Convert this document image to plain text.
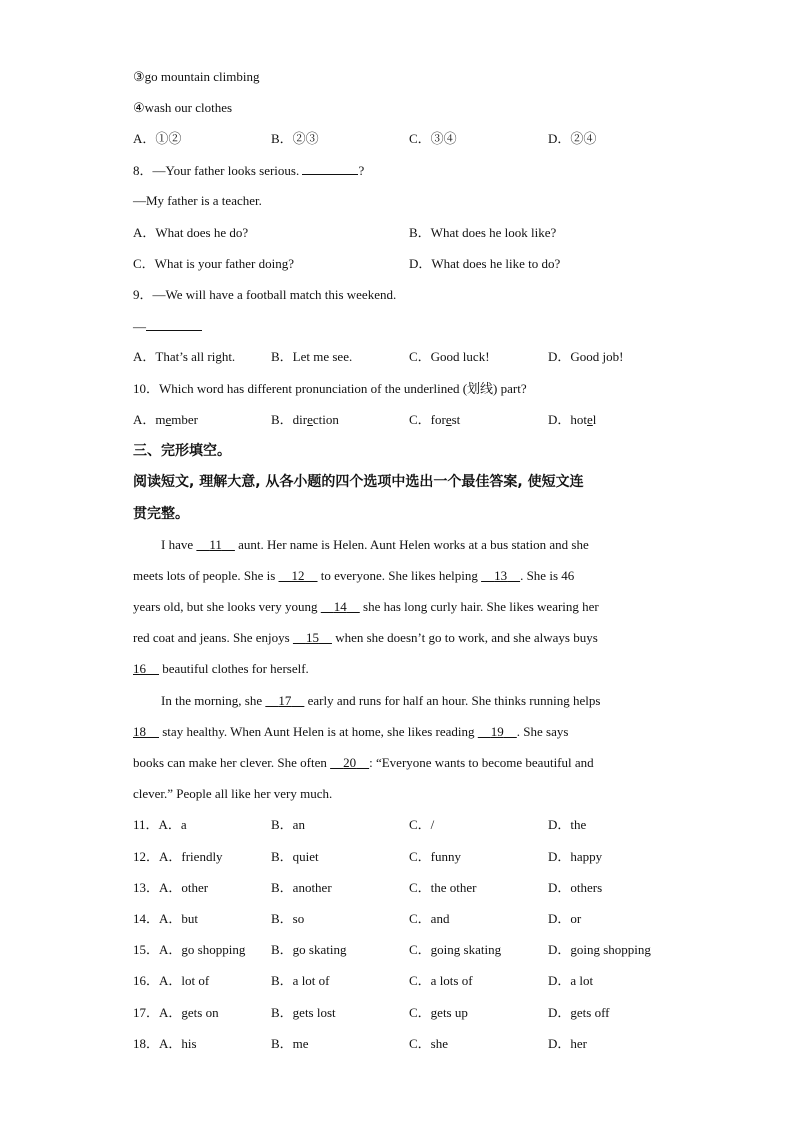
③go mountain climbing
④wash our clothes
A．①②	B．②③	C．③④	D．②④
8．—Your father looks serious.	?
—My father is a teacher.
A．What does he do?	B．What does he look like?
C．What is your father doing?	D．What does he like to do?
9．—We will have a football match this weekend.
—
A．That’s all right.	B．Let me see.	C．Good luck!	D．Good job!
10．Which word has different pronunciation of the underlined (划线) part?
A．member	B．direction	C．forest	D．hotel
三、完形填空。
阅读短文, 理解大意, 从各小题的四个选项中选出一个最佳答案, 使短文连
贯完整。
I have     11     aunt. Her name is Helen. Aunt Helen works at a bus station and she
meets lots of people. She is     12     to everyone. She likes helping     13 . She is 46
years old, but she looks very young     14     she has long curly hair. She likes wearing her
red coat and jeans. She enjoys     15     when she doesn’t go to work, and she always buys
16     beautiful clothes for herself.
In the morning, she     17     early and runs for half an hour. She thinks running helps
18     stay healthy. When Aunt Helen is at home, she likes reading     19 . She says
books can make her clever. She often     20 : “Everyone wants to become beautiful and
clever.” People all like her very much.
11．A．a	B．an	C．/	D．the
12．A．friendly	B．quiet	C．funny	D．happy
13．A．other	B．another	C．the other	D．others
14．A．but	B．so	C．and	D．or
15．A．go shopping B．go skating	C．going skating	D．going shopping
16．A．lot of	B．a lot of	C．a lots of	D．a lot
17．A．gets on	B．gets lost	C．gets up	D．gets off
18．A．his	B．me	C．she	D．her
